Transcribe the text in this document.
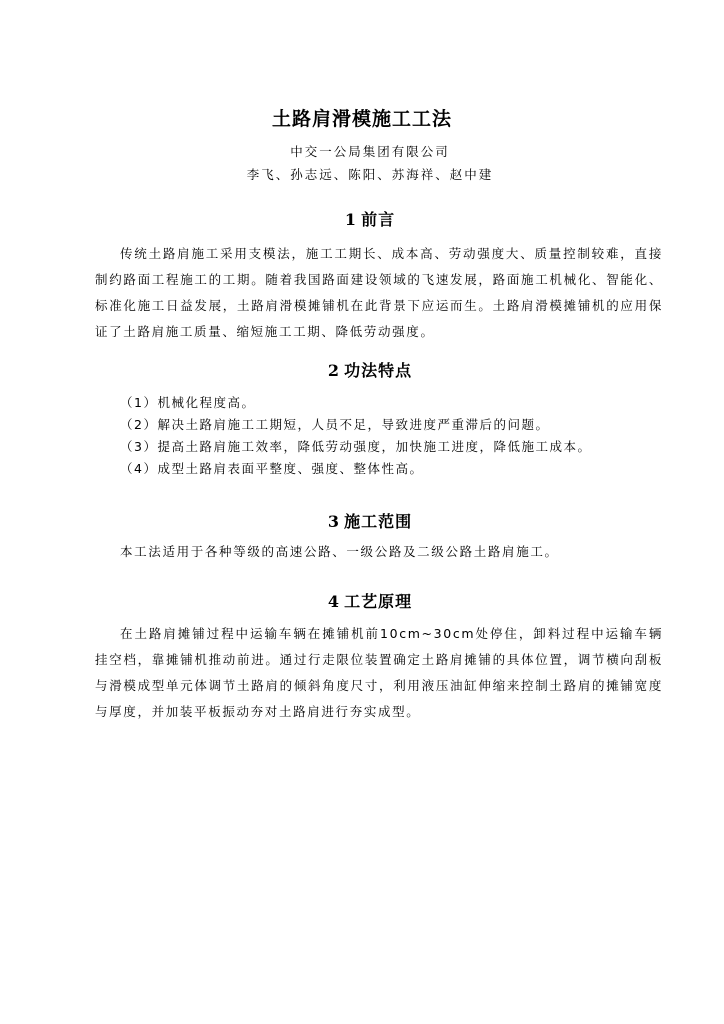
土路肩滑模施工工法
中交一公局集团有限公司
李飞、孙志远、陈阳、苏海祥、赵中建
1 前言
传统土路肩施工采用支模法，施工工期长、成本高、劳动强度大、质量控制较难，直接制约路面工程施工的工期。随着我国路面建设领域的飞速发展，路面施工机械化、智能化、标准化施工日益发展，土路肩滑模摊铺机在此背景下应运而生。土路肩滑模摊铺机的应用保证了土路肩施工质量、缩短施工工期、降低劳动强度。
2 功法特点
（1）机械化程度高。
（2）解决土路肩施工工期短，人员不足，导致进度严重滞后的问题。
（3）提高土路肩施工效率，降低劳动强度，加快施工进度，降低施工成本。
（4）成型土路肩表面平整度、强度、整体性高。
3 施工范围
本工法适用于各种等级的高速公路、一级公路及二级公路土路肩施工。
4 工艺原理
在土路肩摊铺过程中运输车辆在摊铺机前10cm~30cm处停住，卸料过程中运输车辆挂空档，靠摊铺机推动前进。通过行走限位装置确定土路肩摊铺的具体位置，调节横向刮板与滑模成型单元体调节土路肩的倾斜角度尺寸，利用液压油缸伸缩来控制土路肩的摊铺宽度与厚度，并加装平板振动夯对土路肩进行夯实成型。
